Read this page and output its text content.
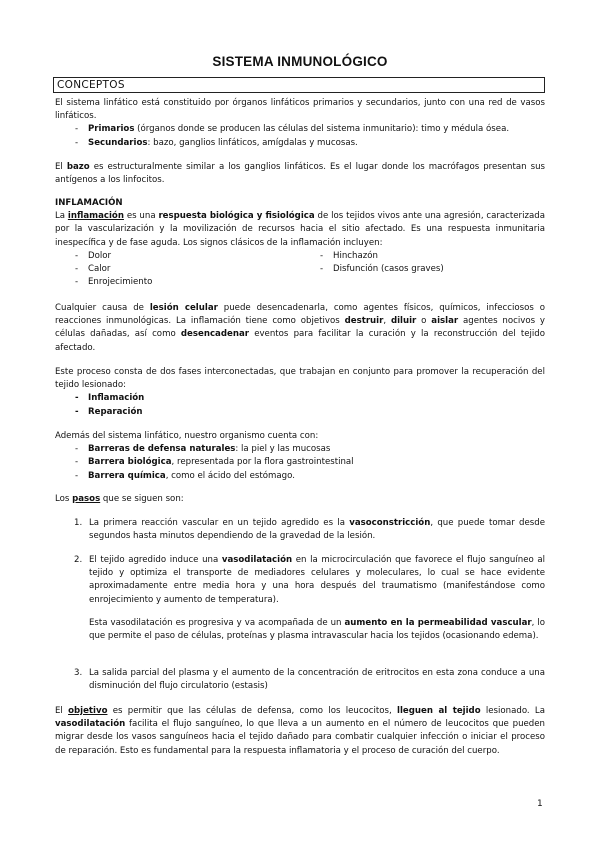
SISTEMA INMUNOLÓGICO
CONCEPTOS

El sistema linfático está constituido por órganos linfáticos primarios y secundarios, junto con una red de vasos linfáticos.

- Primarios (órganos donde se producen las células del sistema inmunitario): timo y médula ósea.
- Secundarios: bazo, ganglios linfáticos, amígdalas y mucosas.

El bazo es estructuralmente similar a los ganglios linfáticos. Es el lugar donde los macrófagos presentan sus antígenos a los linfocitos.

INFLAMACIÓN

La inflamación es una respuesta biológica y fisiológica de los tejidos vivos ante una agresión, caracterizada por la vascularización y la movilización de recursos hacia el sitio afectado. Es una respuesta inmunitaria inespecífica y de fase aguda. Los signos clásicos de la inflamación incluyen:

- Dolor
- Calor
- Enrojecimiento
- Hinchazón
- Disfunción (casos graves)

Cualquier causa de lesión celular puede desencadenarla, como agentes físicos, químicos, infecciosos o reacciones inmunológicas. La inflamación tiene como objetivos destruir, diluir o aislar agentes nocivos y células dañadas, así como desencadenar eventos para facilitar la curación y la reconstrucción del tejido afectado.

Este proceso consta de dos fases interconectadas, que trabajan en conjunto para promover la recuperación del tejido lesionado:

- Inflamación
- Reparación

Además del sistema linfático, nuestro organismo cuenta con:

- Barreras de defensa naturales: la piel y las mucosas
- Barrera biológica, representada por la flora gastrointestinal
- Barrera química, como el ácido del estómago.

Los pasos que se siguen son:

1. La primera reacción vascular en un tejido agredido es la vasoconstricción, que puede tomar desde segundos hasta minutos dependiendo de la gravedad de la lesión.
2. El tejido agredido induce una vasodilatación en la microcirculación que favorece el flujo sanguíneo al tejido y optimiza el transporte de mediadores celulares y moleculares, lo cual se hace evidente aproximadamente entre media hora y una hora después del traumatismo (manifestándose como enrojecimiento y aumento de temperatura).

Esta vasodilatación es progresiva y va acompañada de un aumento en la permeabilidad vascular, lo que permite el paso de células, proteínas y plasma intravascular hacia los tejidos (ocasionando edema).

3. La salida parcial del plasma y el aumento de la concentración de eritrocitos en esta zona conduce a una disminución del flujo circulatorio (estasis)

El objetivo es permitir que las células de defensa, como los leucocitos, lleguen al tejido lesionado. La vasodilatación facilita el flujo sanguíneo, lo que lleva a un aumento en el número de leucocitos que pueden migrar desde los vasos sanguíneos hacia el tejido dañado para combatir cualquier infección o iniciar el proceso de reparación. Esto es fundamental para la respuesta inflamatoria y el proceso de curación del cuerpo.

1
